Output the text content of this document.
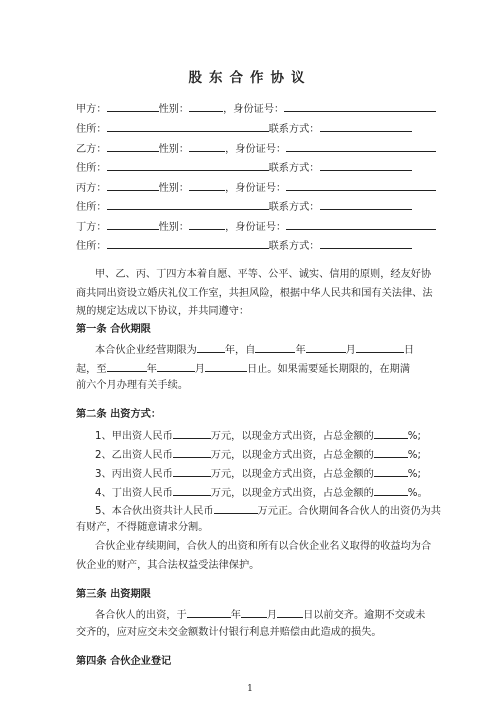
股东合作协议
甲方：	性别：	，身份证号：
住所：	联系方式：
乙方：	性别：	，身份证号：
住所：	联系方式：
丙方：	性别：	，身份证号：
住所：	联系方式：
丁方：	性别：	，身份证号：
住所：	联系方式：
甲、乙、丙、丁四方本着自愿、平等、公平、诚实、信用的原则，经友好协
商共同出资设立婚庆礼仪工作室，共担风险，根据中华人民共和国有关法律、法
规的规定达成以下协议，并共同遵守：
第一条 合伙期限
本合伙企业经营期限为	年，自	年	月	日
起，至	年	月	日止。如果需要延长期限的，在期满
前六个月办理有关手续。
第二条 出资方式：
1、甲出资人民币	万元，以现金方式出资，占总金额的	%;
2、乙出资人民币	万元，以现金方式出资，占总金额的	%;
3、丙出资人民币	万元，以现金方式出资，占总金额的	%;
4、丁出资人民币	万元，以现金方式出资，占总金额的	%。
5、本合伙出资共计人民币	万元正。合伙期间各合伙人的出资仍为共
有财产，不得随意请求分割。
合伙企业存续期间，合伙人的出资和所有以合伙企业名义取得的收益均为合
伙企业的财产，其合法权益受法律保护。
第三条 出资期限
各合伙人的出资，于	年	月	日以前交齐。逾期不交或未
交齐的，应对应交未交金额数计付银行利息并赔偿由此造成的损失。
第四条 合伙企业登记
1
